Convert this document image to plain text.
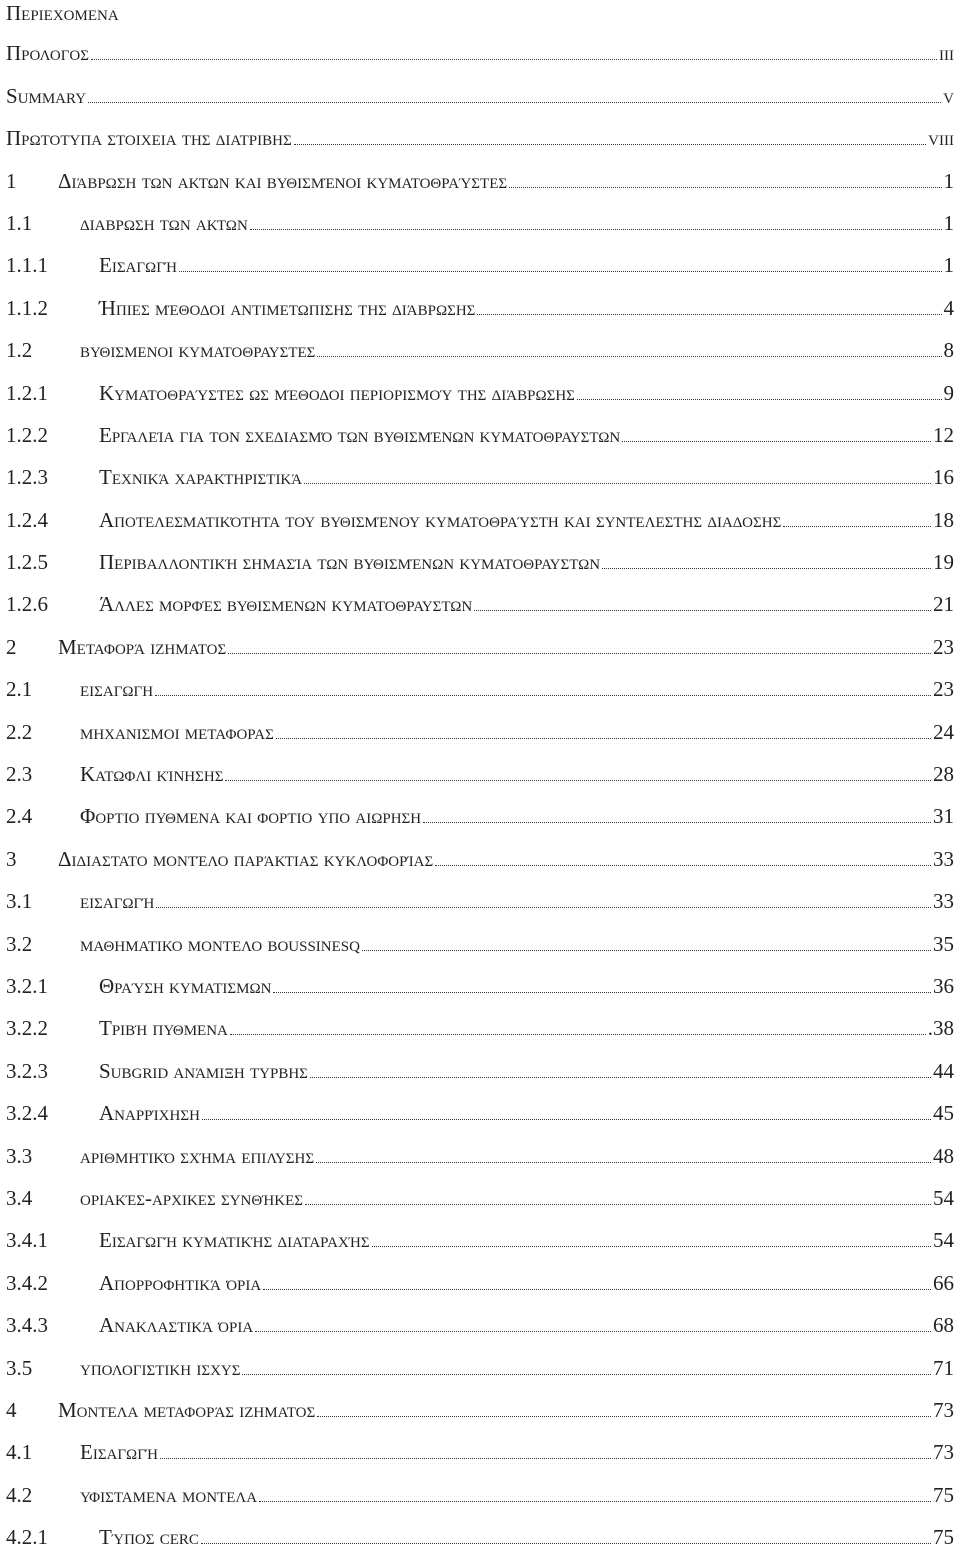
Περιεχομενα
Προλογος	iii
Summary	v
Πρωτοτυπα στοιχεια της διατριβης	viii
1	Διάβρωση των ακτων και βυθισμένοι κυματοθραύστες	1
1.1	διαβρωση των ακτων	1
1.1.1	Εισαγωγή	1
1.1.2	Ήπιες μέθοδοι αντιμετωπισης της διάβρωσης	4
1.2	βυθισμενοι κυματοθραυστες	8
1.2.1	Κυματοθραύστες ως μέθοδοι περιορισμού της διάβρωσης	9
1.2.2	Εργαλεία για τον σχεδιασμό των βυθισμένων κυματοθραυστων	12
1.2.3	Τεχνικά χαρακτηριστικά	16
1.2.4	Αποτελεσματικότητα του βυθισμένου κυματοθραύστη και συντελεστης διαδοσης	18
1.2.5	Περιβαλλοντική σημασία των βυθισμένων κυματοθραυστων	19
1.2.6	Άλλες μορφές βυθισμενων κυματοθραυστων	21
2	Μεταφορά ιζηματος	23
2.1	εισαγωγη	23
2.2	μηχανισμοι μεταφορας	24
2.3	Κατωφλι κίνησης	28
2.4	Φορτιο πυθμενα και φορτιο υπο αιωρηση	31
3	Διδιαστατο μοντέλο παράκτιας κυκλοφορίας	33
3.1	εισαγωγή	33
3.2	μαθηματικο μοντελο boussinesq	35
3.2.1	Θραύση κυματισμων	36
3.2.2	Τριβή πυθμενα	.38
3.2.3	Subgrid ανάμιξη τυρβης	44
3.2.4	Αναρρίχηση	45
3.3	αριθμητικό σχήμα επιλυσης	48
3.4	οριακές-αρχικες συνθήκες	54
3.4.1	Εισαγωγή κυματικής διαταραχής	54
3.4.2	Απορροφητικά όρια	66
3.4.3	Ανακλαστικά όρια	68
3.5	υπολογιστικη ισχυς	71
4	Μοντελα μεταφοράς ιζηματος	73
4.1	Εισαγωγή	73
4.2	υφισταμενα μοντελα	75
4.2.1	Τύπος cerc	75
